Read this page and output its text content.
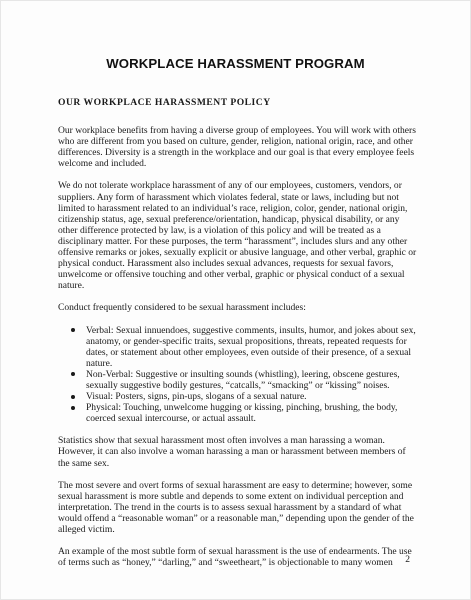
WORKPLACE HARASSMENT PROGRAM
OUR WORKPLACE HARASSMENT POLICY

Our workplace benefits from having a diverse group of employees. You will work with others who are different from you based on culture, gender, religion, national origin, race, and other differences. Diversity is a strength in the workplace and our goal is that every employee feels welcome and included.

We do not tolerate workplace harassment of any of our employees, customers, vendors, or suppliers. Any form of harassment which violates federal, state or laws, including but not limited to harassment related to an individual’s race, religion, color, gender, national origin, citizenship status, age, sexual preference/orientation, handicap, physical disability, or any other difference protected by law, is a violation of this policy and will be treated as a disciplinary matter. For these purposes, the term “harassment”, includes slurs and any other offensive remarks or jokes, sexually explicit or abusive language, and other verbal, graphic or physical conduct. Harassment also includes sexual advances, requests for sexual favors, unwelcome or offensive touching and other verbal, graphic or physical conduct of a sexual nature.

Conduct frequently considered to be sexual harassment includes:

Verbal: Sexual innuendoes, suggestive comments, insults, humor, and jokes about sex, anatomy, or gender-specific traits, sexual propositions, threats, repeated requests for dates, or statement about other employees, even outside of their presence, of a sexual nature.
Non-Verbal: Suggestive or insulting sounds (whistling), leering, obscene gestures, sexually suggestive bodily gestures, “catcalls,” “smacking” or “kissing” noises.
Visual: Posters, signs, pin-ups, slogans of a sexual nature.
Physical: Touching, unwelcome hugging or kissing, pinching, brushing, the body, coerced sexual intercourse, or actual assault.

Statistics show that sexual harassment most often involves a man harassing a woman. However, it can also involve a woman harassing a man or harassment between members of the same sex.

The most severe and overt forms of sexual harassment are easy to determine; however, some sexual harassment is more subtle and depends to some extent on individual perception and interpretation. The trend in the courts is to assess sexual harassment by a standard of what would offend a “reasonable woman” or a reasonable man,” depending upon the gender of the alleged victim.

An example of the most subtle form of sexual harassment is the use of endearments. The use of terms such as “honey,” “darling,” and “sweetheart,” is objectionable to many women	2
